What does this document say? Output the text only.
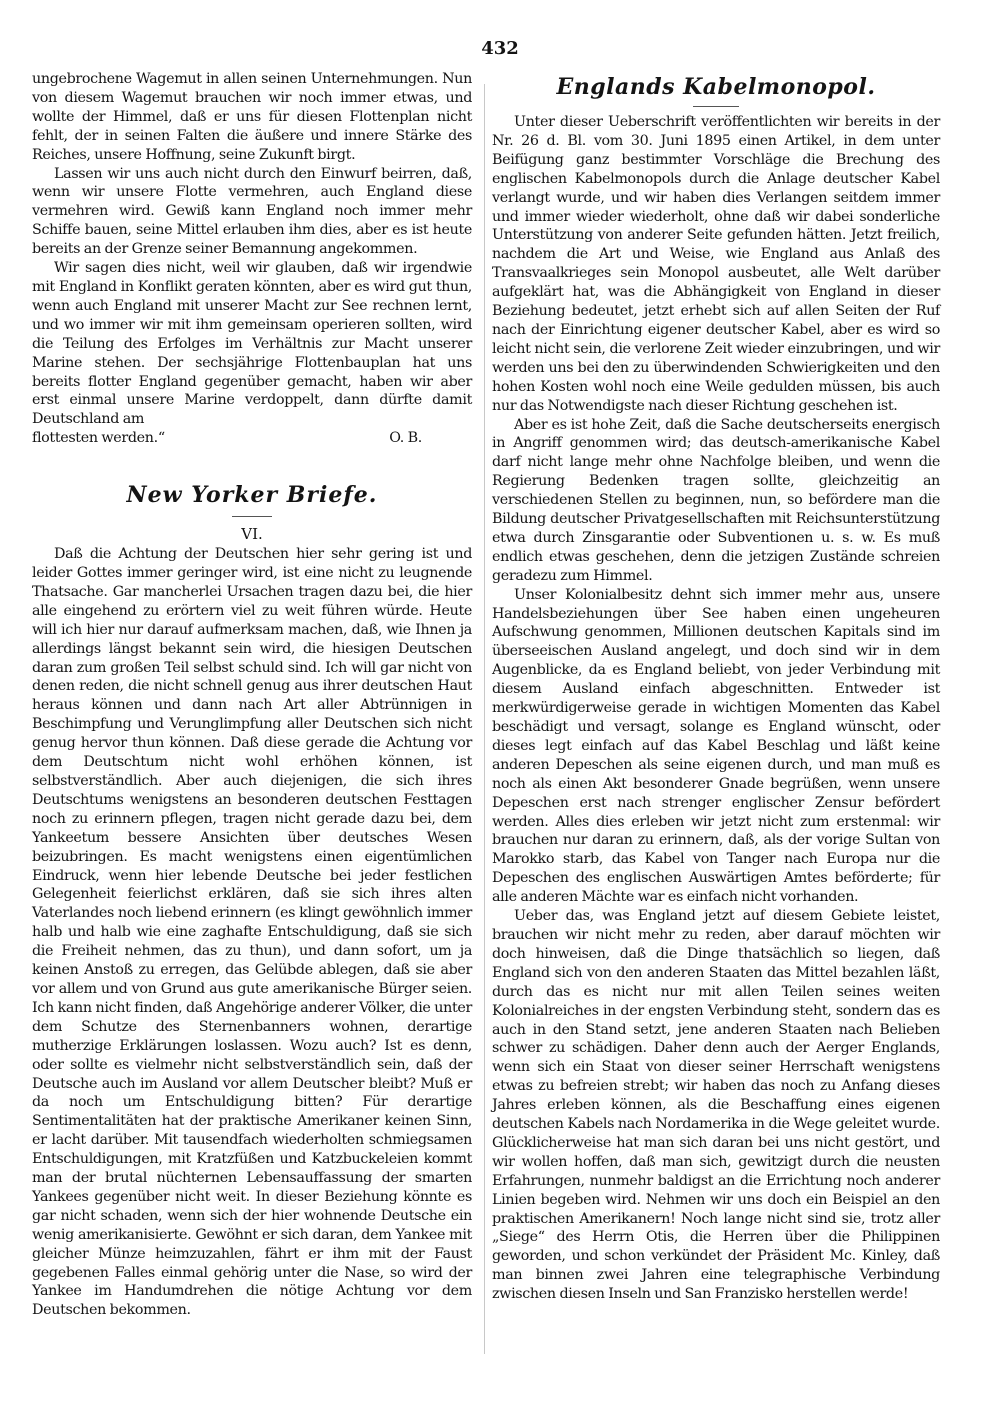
432

ungebrochene Wagemut in allen seinen Unternehmungen. Nun von diesem Wagemut brauchen wir noch immer etwas, und wollte der Himmel, daß er uns für diesen Flottenplan nicht fehlt, der in seinen Falten die äußere und innere Stärke des Reiches, unsere Hoffnung, seine Zukunft birgt.

Lassen wir uns auch nicht durch den Einwurf beirren, daß, wenn wir unsere Flotte vermehren, auch England diese vermehren wird. Gewiß kann England noch immer mehr Schiffe bauen, seine Mittel erlauben ihm dies, aber es ist heute bereits an der Grenze seiner Bemannung angekommen.

Wir sagen dies nicht, weil wir glauben, daß wir irgendwie mit England in Konflikt geraten könnten, aber es wird gut thun, wenn auch England mit unserer Macht zur See rechnen lernt, und wo immer wir mit ihm gemeinsam operieren sollten, wird die Teilung des Erfolges im Verhältnis zur Macht unserer Marine stehen. Der sechsjährige Flottenbauplan hat uns bereits flotter England gegenüber gemacht, haben wir aber erst einmal unsere Marine verdoppelt, dann dürfte damit Deutschland am

flottesten werden.“	O. B.

New Yorker Briefe.
VI.

Daß die Achtung der Deutschen hier sehr gering ist und leider Gottes immer geringer wird, ist eine nicht zu leugnende Thatsache. Gar mancherlei Ursachen tragen dazu bei, die hier alle eingehend zu erörtern viel zu weit führen würde. Heute will ich hier nur darauf aufmerksam machen, daß, wie Ihnen ja allerdings längst bekannt sein wird, die hiesigen Deutschen daran zum großen Teil selbst schuld sind. Ich will gar nicht von denen reden, die nicht schnell genug aus ihrer deutschen Haut heraus können und dann nach Art aller Abtrünnigen in Beschimpfung und Verunglimpfung aller Deutschen sich nicht genug hervor thun können. Daß diese gerade die Achtung vor dem Deutschtum nicht wohl erhöhen können, ist selbstverständlich. Aber auch diejenigen, die sich ihres Deutschtums wenigstens an besonderen deutschen Festtagen noch zu erinnern pflegen, tragen nicht gerade dazu bei, dem Yankeetum bessere Ansichten über deutsches Wesen beizubringen. Es macht wenigstens einen eigentümlichen Eindruck, wenn hier lebende Deutsche bei jeder festlichen Gelegenheit feierlichst erklären, daß sie sich ihres alten Vaterlandes noch liebend erinnern (es klingt gewöhnlich immer halb und halb wie eine zaghafte Entschuldigung, daß sie sich die Freiheit nehmen, das zu thun), und dann sofort, um ja keinen Anstoß zu erregen, das Gelübde ablegen, daß sie aber vor allem und von Grund aus gute amerikanische Bürger seien. Ich kann nicht finden, daß Angehörige anderer Völker, die unter dem Schutze des Sternenbanners wohnen, derartige mutherzige Erklärungen loslassen. Wozu auch? Ist es denn, oder sollte es vielmehr nicht selbstverständlich sein, daß der Deutsche auch im Ausland vor allem Deutscher bleibt? Muß er da noch um Entschuldigung bitten? Für derartige Sentimentalitäten hat der praktische Amerikaner keinen Sinn, er lacht darüber. Mit tausendfach wiederholten schmiegsamen Entschuldigungen, mit Kratzfüßen und Katzbuckeleien kommt man der brutal nüchternen Lebensauffassung der smarten Yankees gegenüber nicht weit. In dieser Beziehung könnte es gar nicht schaden, wenn sich der hier wohnende Deutsche ein wenig amerikanisierte. Gewöhnt er sich daran, dem Yankee mit gleicher Münze heimzuzahlen, fährt er ihm mit der Faust gegebenen Falles einmal gehörig unter die Nase, so wird der Yankee im Handumdrehen die nötige Achtung vor dem Deutschen bekommen.

Englands Kabelmonopol.

Unter dieser Ueberschrift veröffentlichten wir bereits in der Nr. 26 d. Bl. vom 30. Juni 1895 einen Artikel, in dem unter Beifügung ganz bestimmter Vorschläge die Brechung des englischen Kabelmonopols durch die Anlage deutscher Kabel verlangt wurde, und wir haben dies Verlangen seitdem immer und immer wieder wiederholt, ohne daß wir dabei sonderliche Unterstützung von anderer Seite gefunden hätten. Jetzt freilich, nachdem die Art und Weise, wie England aus Anlaß des Transvaalkrieges sein Monopol ausbeutet, alle Welt darüber aufgeklärt hat, was die Abhängigkeit von England in dieser Beziehung bedeutet, jetzt erhebt sich auf allen Seiten der Ruf nach der Einrichtung eigener deutscher Kabel, aber es wird so leicht nicht sein, die verlorene Zeit wieder einzubringen, und wir werden uns bei den zu überwindenden Schwierigkeiten und den hohen Kosten wohl noch eine Weile gedulden müssen, bis auch nur das Notwendigste nach dieser Richtung geschehen ist.

Aber es ist hohe Zeit, daß die Sache deutscherseits energisch in Angriff genommen wird; das deutsch-amerikanische Kabel darf nicht lange mehr ohne Nachfolge bleiben, und wenn die Regierung Bedenken tragen sollte, gleichzeitig an verschiedenen Stellen zu beginnen, nun, so befördere man die Bildung deutscher Privatgesellschaften mit Reichsunterstützung etwa durch Zinsgarantie oder Subventionen u. s. w. Es muß endlich etwas geschehen, denn die jetzigen Zustände schreien geradezu zum Himmel.

Unser Kolonialbesitz dehnt sich immer mehr aus, unsere Handelsbeziehungen über See haben einen ungeheuren Aufschwung genommen, Millionen deutschen Kapitals sind im überseeischen Ausland angelegt, und doch sind wir in dem Augenblicke, da es England beliebt, von jeder Verbindung mit diesem Ausland einfach abgeschnitten. Entweder ist merkwürdigerweise gerade in wichtigen Momenten das Kabel beschädigt und versagt, solange es England wünscht, oder dieses legt einfach auf das Kabel Beschlag und läßt keine anderen Depeschen als seine eigenen durch, und man muß es noch als einen Akt besonderer Gnade begrüßen, wenn unsere Depeschen erst nach strenger englischer Zensur befördert werden. Alles dies erleben wir jetzt nicht zum erstenmal: wir brauchen nur daran zu erinnern, daß, als der vorige Sultan von Marokko starb, das Kabel von Tanger nach Europa nur die Depeschen des englischen Auswärtigen Amtes beförderte; für alle anderen Mächte war es einfach nicht vorhanden.

Ueber das, was England jetzt auf diesem Gebiete leistet, brauchen wir nicht mehr zu reden, aber darauf möchten wir doch hinweisen, daß die Dinge thatsächlich so liegen, daß England sich von den anderen Staaten das Mittel bezahlen läßt, durch das es nicht nur mit allen Teilen seines weiten Kolonialreiches in der engsten Verbindung steht, sondern das es auch in den Stand setzt, jene anderen Staaten nach Belieben schwer zu schädigen. Daher denn auch der Aerger Englands, wenn sich ein Staat von dieser seiner Herrschaft wenigstens etwas zu befreien strebt; wir haben das noch zu Anfang dieses Jahres erleben können, als die Beschaffung eines eigenen deutschen Kabels nach Nordamerika in die Wege geleitet wurde. Glücklicherweise hat man sich daran bei uns nicht gestört, und wir wollen hoffen, daß man sich, gewitzigt durch die neusten Erfahrungen, nunmehr baldigst an die Errichtung noch anderer Linien begeben wird. Nehmen wir uns doch ein Beispiel an den praktischen Amerikanern! Noch lange nicht sind sie, trotz aller „Siege“ des Herrn Otis, die Herren über die Philippinen geworden, und schon verkündet der Präsident Mc. Kinley, daß man binnen zwei Jahren eine telegraphische Verbindung zwischen diesen Inseln und San Franzisko herstellen werde!
